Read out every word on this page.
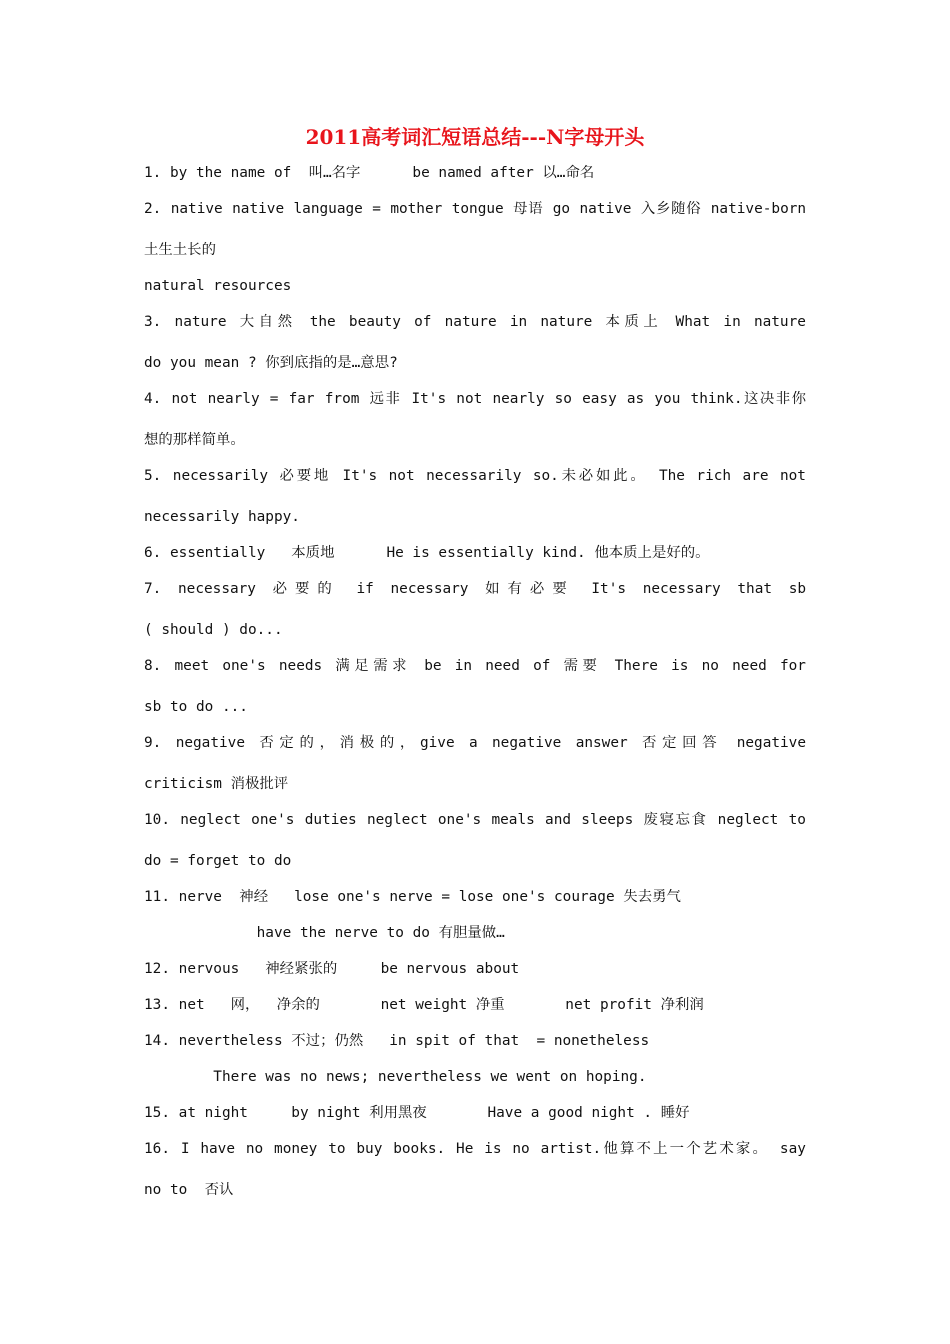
2011高考词汇短语总结---N字母开头
1. by the name of  叫…名字      be named after 以…命名
2. native native language = mother tongue 母语 go native 入乡随俗 native-born
土生土长的
natural resources
3. nature 大自然 the beauty of nature in nature 本质上 What in nature
do you mean ? 你到底指的是…意思?
4. not nearly = far from 远非 It's not nearly so easy as you think.这决非你
想的那样简单。
5. necessarily 必要地 It's not necessarily so.未必如此。 The rich are not
necessarily happy.
6. essentially   本质地      He is essentially kind. 他本质上是好的。
7. necessary 必要的 if necessary 如有必要 It's necessary that sb
( should ) do...
8. meet one's needs 满足需求 be in need of 需要 There is no need for
sb to do ...
9. negative 否定的，消极的，give a negative answer 否定回答 negative
criticism 消极批评
10. neglect one's duties neglect one's meals and sleeps 废寝忘食 neglect to
do = forget to do
11. nerve  神经   lose one's nerve = lose one's courage 失去勇气
have the nerve to do 有胆量做…
12. nervous   神经紧张的     be nervous about
13. net   网，  净余的       net weight 净重       net profit 净利润
14. nevertheless 不过；仍然   in spit of that  = nonetheless
There was no news; nevertheless we went on hoping.
15. at night     by night 利用黑夜       Have a good night . 睡好
16. I have no money to buy books. He is no artist.他算不上一个艺术家。 say
no to  否认
